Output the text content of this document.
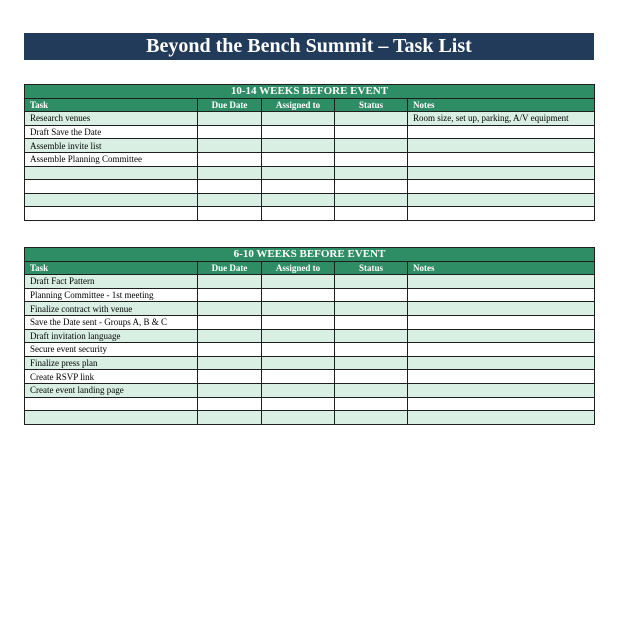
Beyond the Bench Summit – Task List
10-14 WEEKS BEFORE EVENT				
Task	Due Date	Assigned to	Status	Notes
Research venues				Room size, set up, parking, A/V equipment
Draft Save the Date				
Assemble invite list				
Assemble Planning Committee				

6-10 WEEKS BEFORE EVENT				
Task	Due Date	Assigned to	Status	Notes
Draft Fact Pattern				
Planning Committee - 1st meeting				
Finalize contract with venue				
Save the Date sent - Groups A, B & C				
Draft invitation language				
Secure event security				
Finalize press plan				
Create RSVP link				
Create event landing page				
